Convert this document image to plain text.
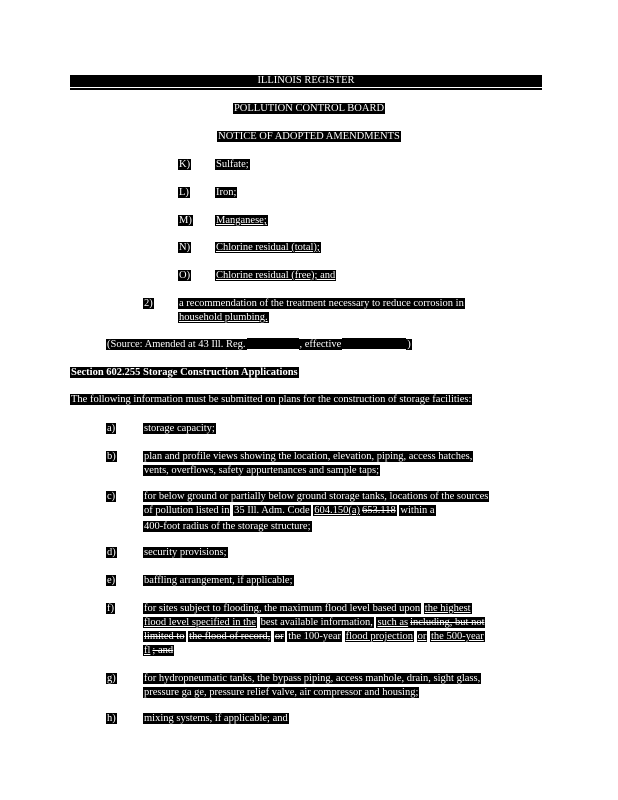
ILLINOIS REGISTER
POLLUTION CONTROL BOARD
NOTICE OF ADOPTED AMENDMENTS
K) Sulfate;
L)	Iron;
M) Manganese;
N) Chlorine residual (total);
O) Chlorine residual (free); and
2)	a recommendation of the treatment necessary to reduce corrosion in
household plumbing.
(Source: Amended at 43 Ill. Reg.	, effective	)
Section 602.255 Storage Construction Applications
The following information must be submitted on plans for the construction of storage facilities:
a)	storage capacity;
b)	plan and profile views showing the location, elevation, piping, access hatches,
vents, overflows, safety appurtenances and sample taps;
c)	for below ground or partially below ground storage tanks, locations of the sources
of pollution listed in 35 Ill. Adm. Code 604.150(a) 653.118 within a
400-foot radius of the storage structure;
d)	security provisions;
e)	baffling arrangement, if applicable;
f)	for sites subject to flooding, the maximum flood level based upon the highest
flood level specified in the best available information, such as including, but not
limited to the flood of record, or the 100-year flood projection or the 500-year
fl ; and
g)	for hydropneumatic tanks, the bypass piping, access manhole, drain, sight glass,
pressure ga ge, pressure relief valve, air compressor and housing;
h)	mixing systems, if applicable; and
